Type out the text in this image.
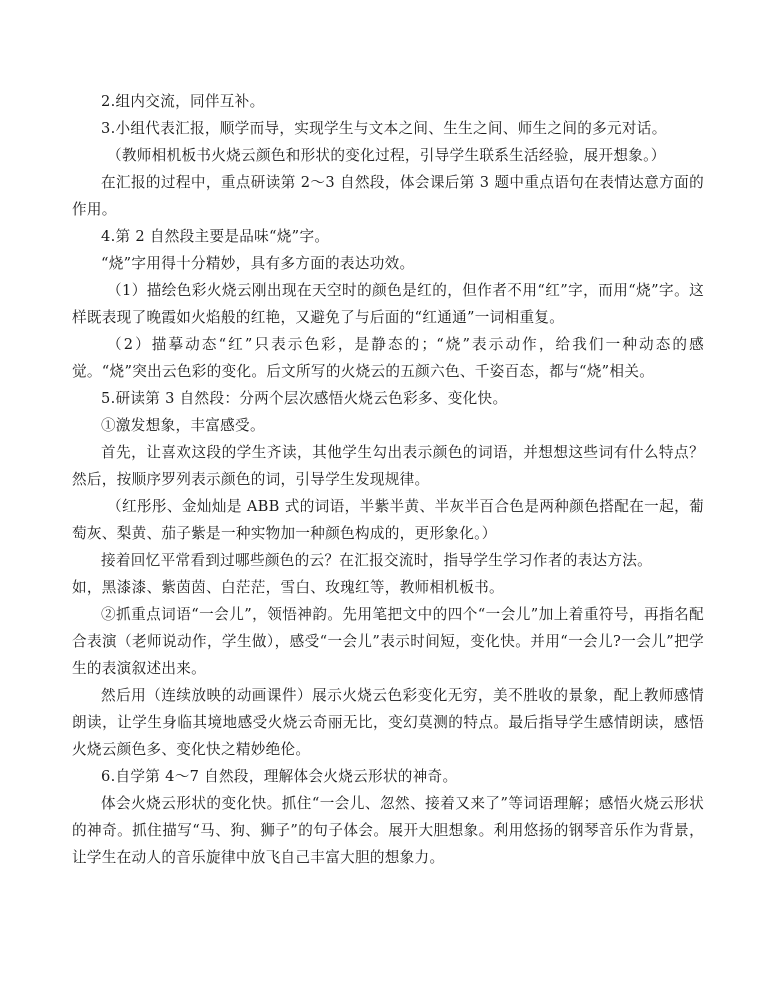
2.组内交流，同伴互补。

3.小组代表汇报，顺学而导，实现学生与文本之间、生生之间、师生之间的多元对话。

（教师相机板书火烧云颜色和形状的变化过程，引导学生联系生活经验，展开想象。）

在汇报的过程中，重点研读第 2～3 自然段，体会课后第 3 题中重点语句在表情达意方面的作用。

4.第 2 自然段主要是品味“烧”字。

“烧”字用得十分精妙，具有多方面的表达功效。

（1）描绘色彩火烧云刚出现在天空时的颜色是红的，但作者不用“红”字，而用“烧”字。这样既表现了晚霞如火焰般的红艳，又避免了与后面的“红通通”一词相重复。

（2）描摹动态“红”只表示色彩，是静态的；“烧”表示动作，给我们一种动态的感觉。“烧”突出云色彩的变化。后文所写的火烧云的五颜六色、千姿百态，都与“烧”相关。

5.研读第 3 自然段：分两个层次感悟火烧云色彩多、变化快。

①激发想象，丰富感受。

首先，让喜欢这段的学生齐读，其他学生勾出表示颜色的词语，并想想这些词有什么特点？然后，按顺序罗列表示颜色的词，引导学生发现规律。

（红彤彤、金灿灿是 ABB 式的词语，半紫半黄、半灰半百合色是两种颜色搭配在一起，葡萄灰、梨黄、茄子紫是一种实物加一种颜色构成的，更形象化。）

接着回忆平常看到过哪些颜色的云？在汇报交流时，指导学生学习作者的表达方法。

如，黑漆漆、紫茵茵、白茫茫，雪白、玫瑰红等，教师相机板书。

②抓重点词语“一会儿”，领悟神韵。先用笔把文中的四个“一会儿”加上着重符号，再指名配合表演（老师说动作，学生做），感受“一会儿”表示时间短，变化快。并用“一会儿?一会儿”把学生的表演叙述出来。

然后用（连续放映的动画课件）展示火烧云色彩变化无穷，美不胜收的景象，配上教师感情朗读，让学生身临其境地感受火烧云奇丽无比，变幻莫测的特点。最后指导学生感情朗读，感悟火烧云颜色多、变化快之精妙绝伦。

6.自学第 4～7 自然段，理解体会火烧云形状的神奇。

体会火烧云形状的变化快。抓住“一会儿、忽然、接着又来了”等词语理解；感悟火烧云形状的神奇。抓住描写“马、狗、狮子”的句子体会。展开大胆想象。利用悠扬的钢琴音乐作为背景，让学生在动人的音乐旋律中放飞自己丰富大胆的想象力。
